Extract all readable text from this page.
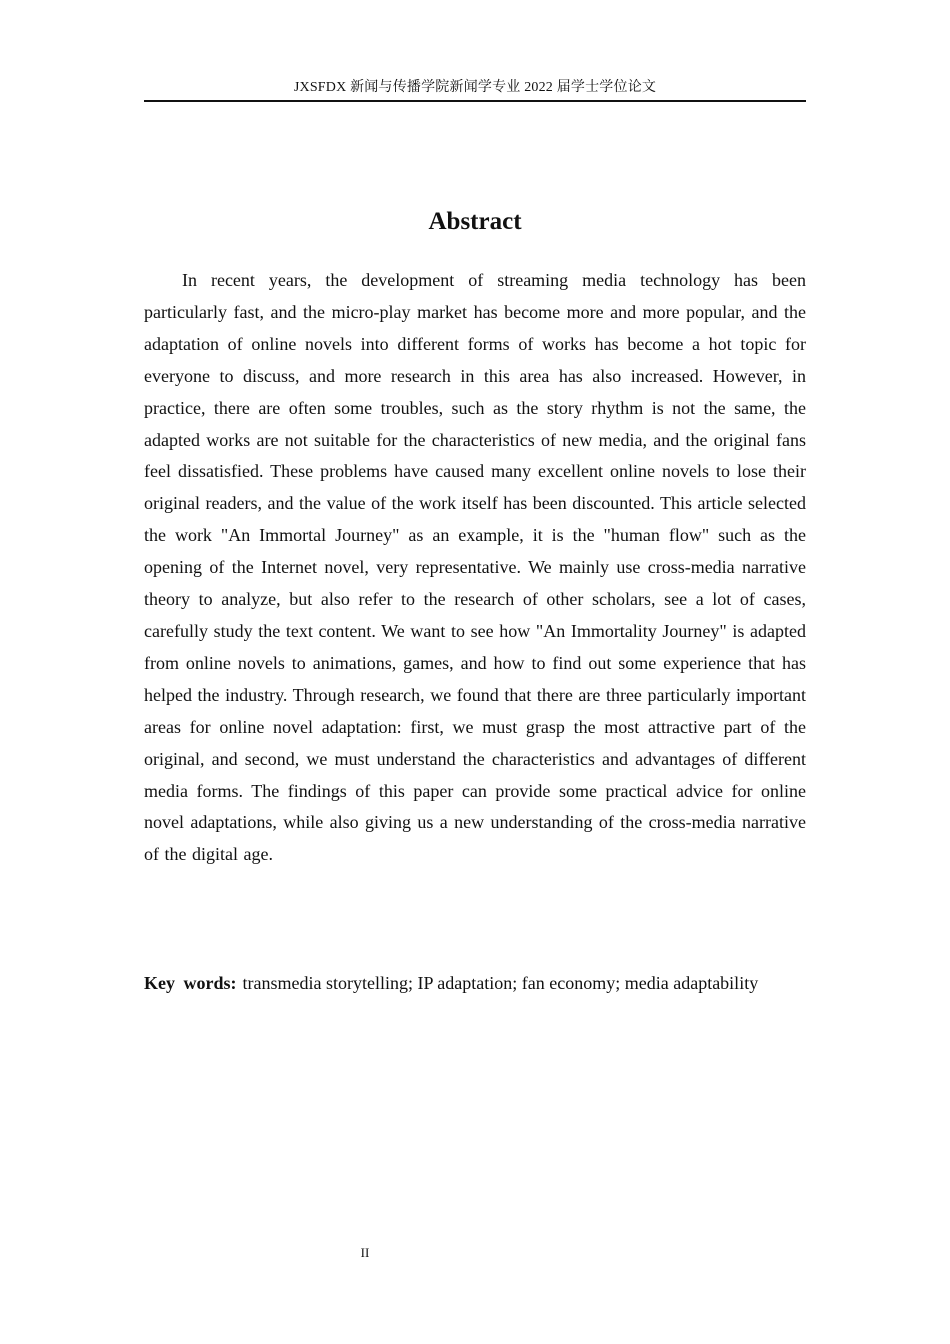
JXSFDX 新闻与传播学院新闻学专业 2022 届学士学位论文
Abstract

In recent years, the development of streaming media technology has been particularly fast, and the micro-play market has become more and more popular, and the adaptation of online novels into different forms of works has become a hot topic for everyone to discuss, and more research in this area has also increased. However, in practice, there are often some troubles, such as the story rhythm is not the same, the adapted works are not suitable for the characteristics of new media, and the original fans feel dissatisfied. These problems have caused many excellent online novels to lose their original readers, and the value of the work itself has been discounted. This article selected the work "An Immortal Journey" as an example, it is the "human flow" such as the opening of the Internet novel, very representative. We mainly use cross-media narrative theory to analyze, but also refer to the research of other scholars, see a lot of cases, carefully study the text content. We want to see how "An Immortality Journey" is adapted from online novels to animations, games, and how to find out some experience that has helped the industry. Through research, we found that there are three particularly important areas for online novel adaptation: first, we must grasp the most attractive part of the original, and second, we must understand the characteristics and advantages of different media forms. The findings of this paper can provide some practical advice for online novel adaptations, while also giving us a new understanding of the cross-media narrative of the digital age.

Key words: transmedia storytelling; IP adaptation; fan economy; media adaptability

II
